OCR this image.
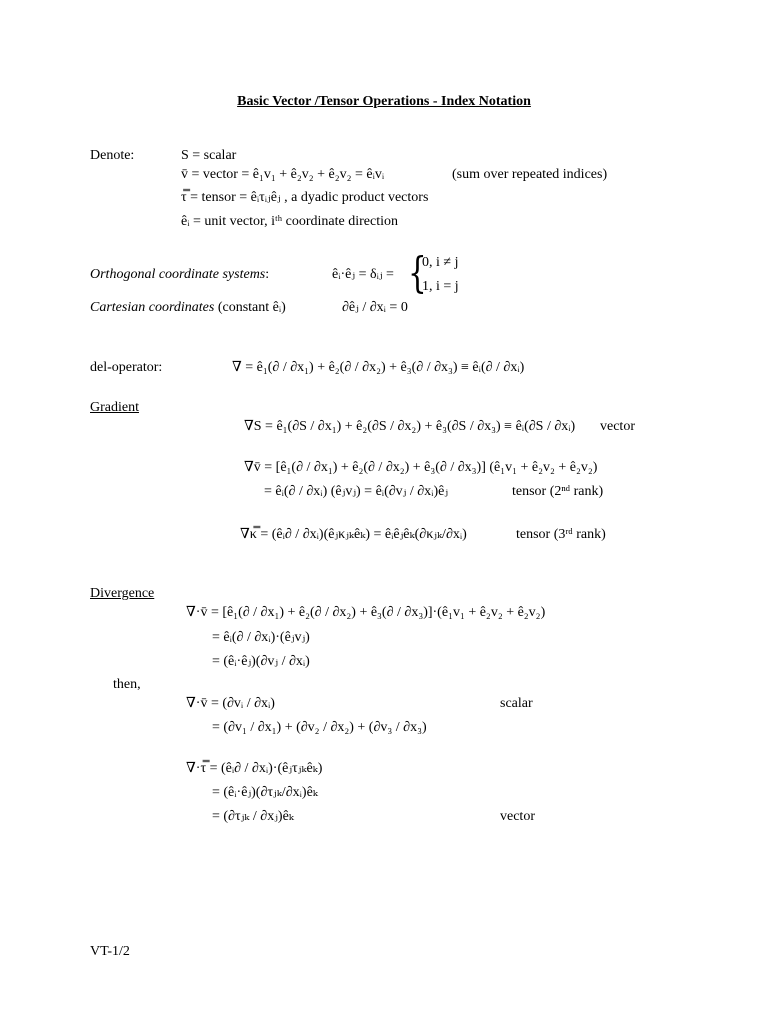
Basic Vector /Tensor Operations - Index Notation
Denote:	S = scalar
v̄ = vector = ê₁v₁ + ê₂v₂ + ê₂v₂ = êᵢvᵢ	(sum over repeated indices)
τ̿ = tensor = êᵢτᵢⱼêⱼ , a dyadic product vectors
êᵢ = unit vector, iᵗʰ coordinate direction
Orthogonal coordinate systems:	êᵢ·êⱼ = δᵢⱼ = {
0, i ≠ j
1, i = j
Cartesian coordinates (constant êᵢ)	∂êⱼ / ∂xᵢ = 0
del-operator:	∇ = ê₁(∂ / ∂x₁) + ê₂(∂ / ∂x₂) + ê₃(∂ / ∂x₃) ≡ êᵢ(∂ / ∂xᵢ)
Gradient
∇S = ê₁(∂S / ∂x₁) + ê₂(∂S / ∂x₂) + ê₃(∂S / ∂x₃) ≡ êᵢ(∂S / ∂xᵢ) vector
∇v̄ = [ê₁(∂ / ∂x₁) + ê₂(∂ / ∂x₂) + ê₃(∂ / ∂x₃)] (ê₁v₁ + ê₂v₂ + ê₂v₂)
= êᵢ(∂ / ∂xᵢ) (êⱼvⱼ) = êᵢ(∂vⱼ / ∂xᵢ)êⱼ	tensor (2ⁿᵈ rank)
∇κ̿ = (êᵢ∂ / ∂xᵢ)(êⱼκⱼₖêₖ) = êᵢêⱼêₖ(∂κⱼₖ/∂xᵢ)	tensor (3ʳᵈ rank)
Divergence
∇·v̄ = [ê₁(∂ / ∂x₁) + ê₂(∂ / ∂x₂) + ê₃(∂ / ∂x₃)]·(ê₁v₁ + ê₂v₂ + ê₂v₂)
= êᵢ(∂ / ∂xᵢ)·(êⱼvⱼ)
= (êᵢ·êⱼ)(∂vⱼ / ∂xᵢ)
then,
∇·v̄ = (∂vᵢ / ∂xᵢ)	scalar
= (∂v₁ / ∂x₁) + (∂v₂ / ∂x₂) + (∂v₃ / ∂x₃)
∇·τ̿ = (êᵢ∂ / ∂xᵢ)·(êⱼτⱼₖêₖ)
= (êᵢ·êⱼ)(∂τⱼₖ/∂xᵢ)êₖ
= (∂τⱼₖ / ∂xⱼ)êₖ	vector
VT-1/2
